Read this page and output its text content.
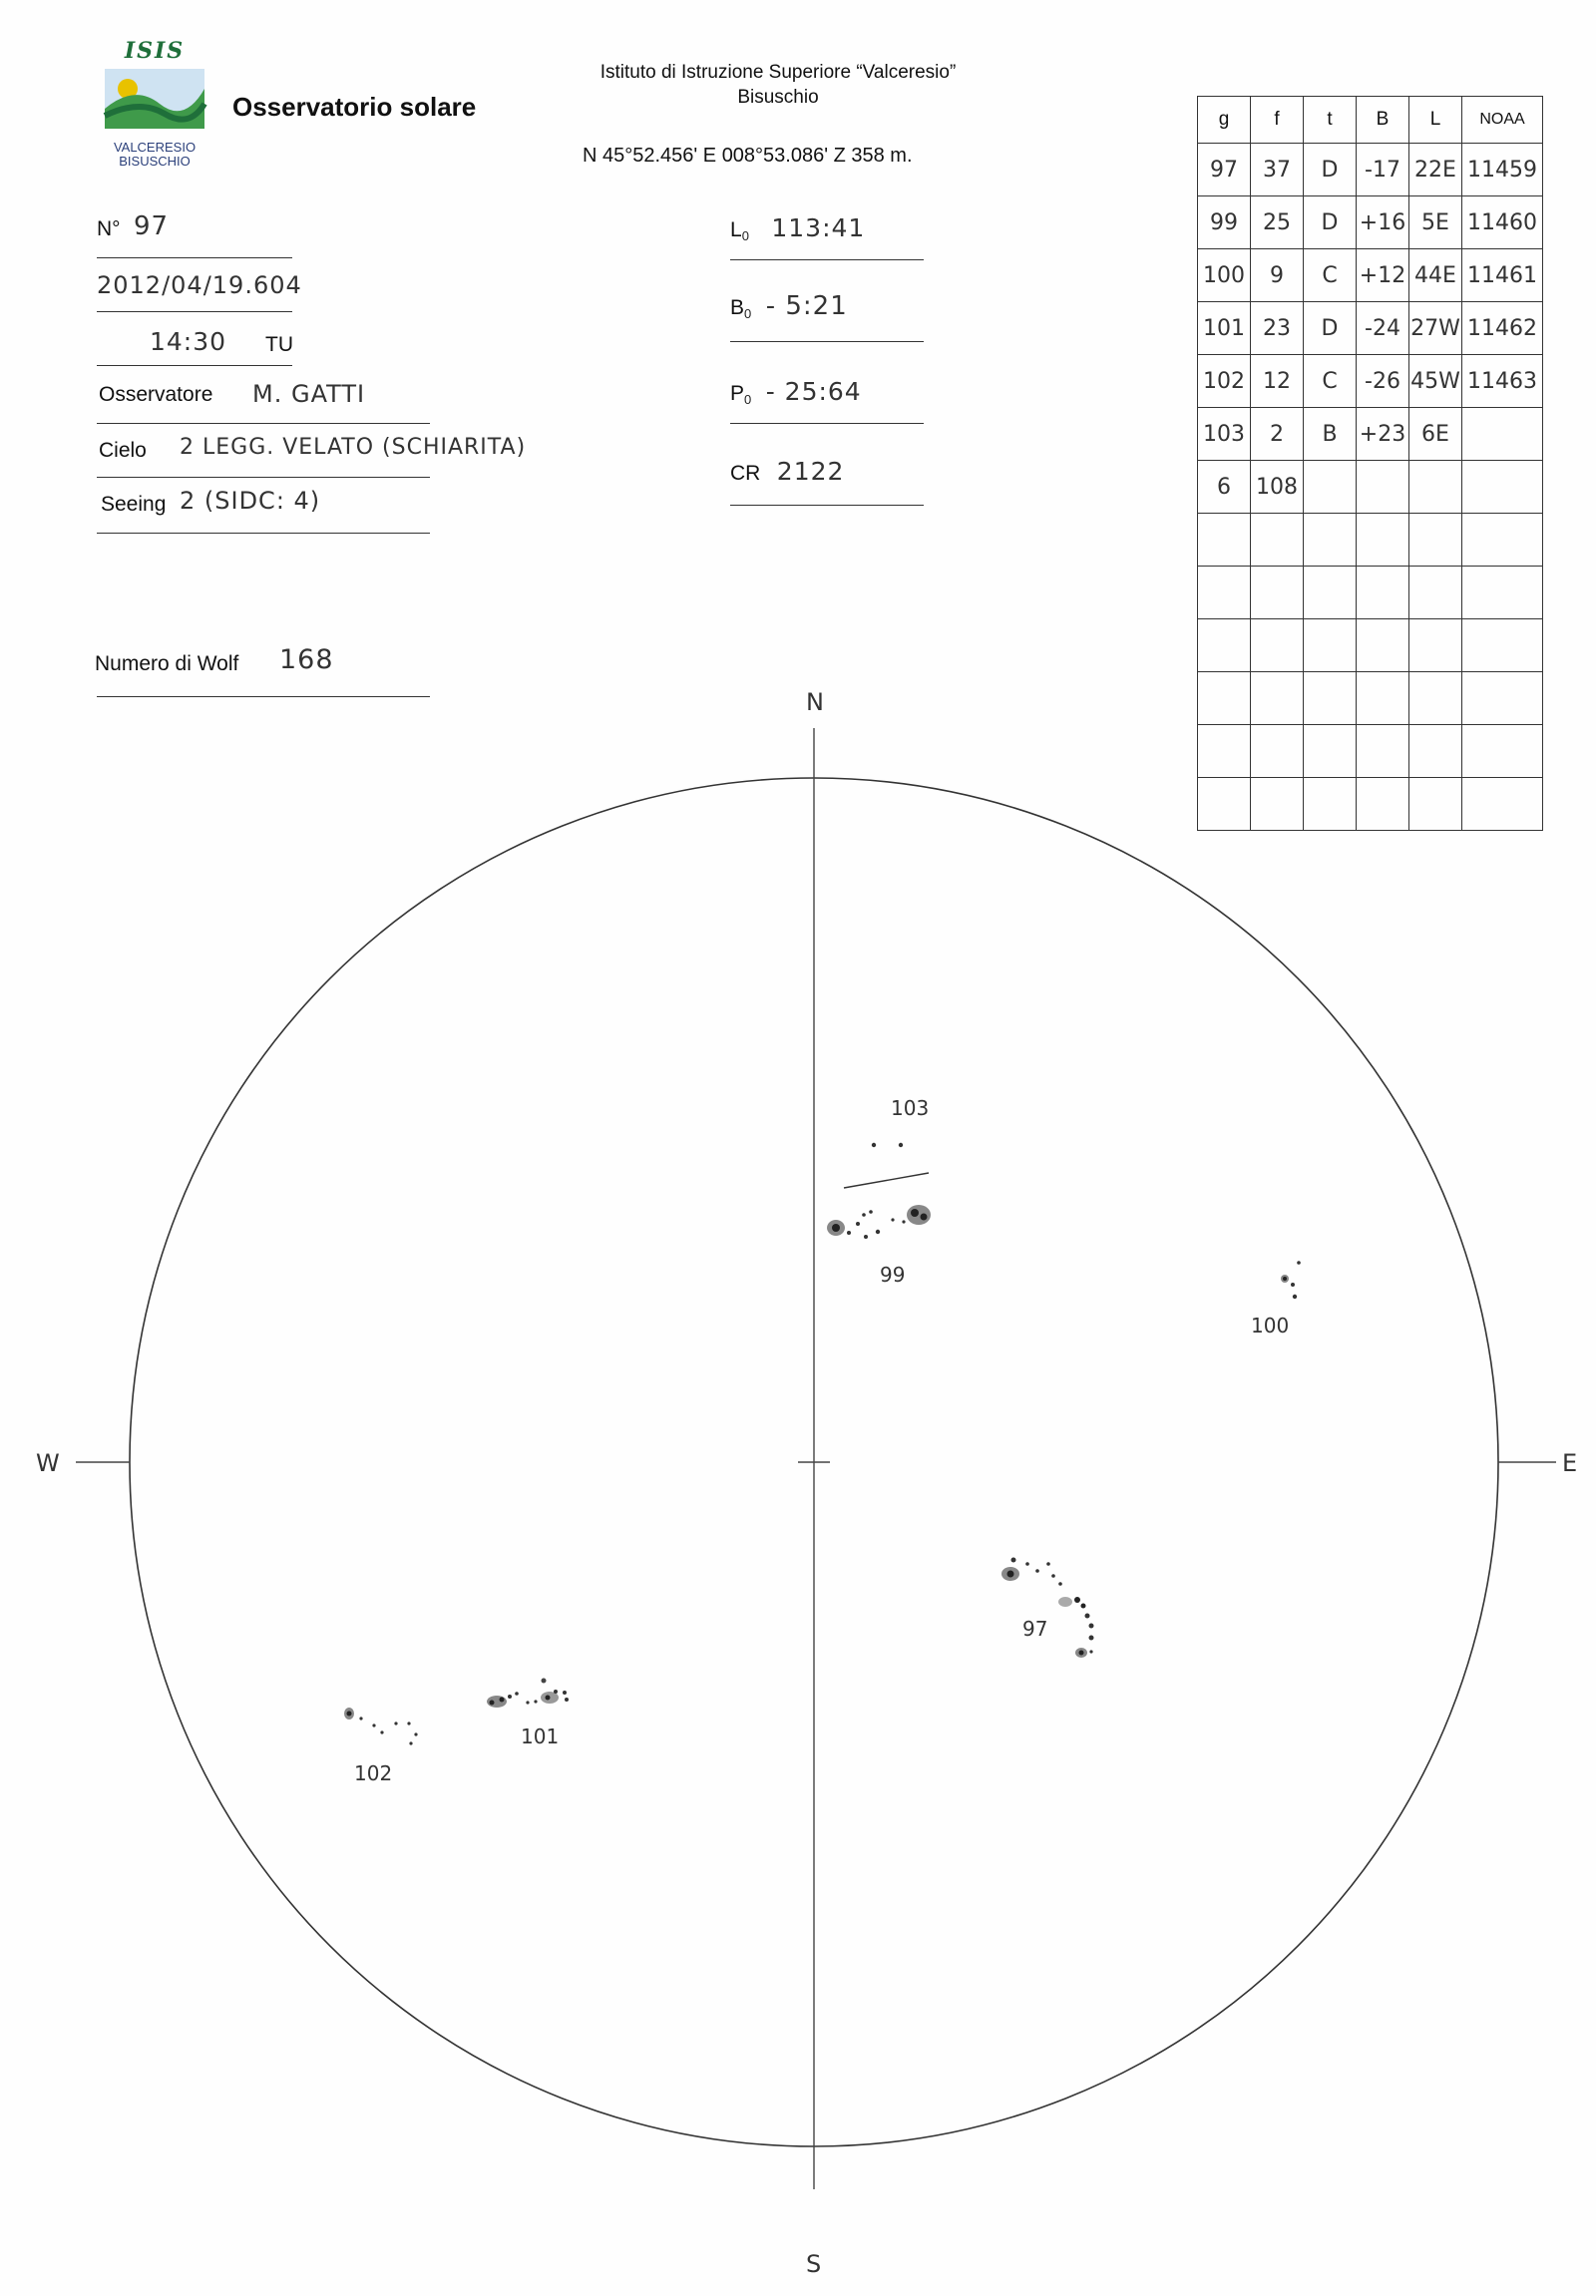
ISIS
VALCERESIO
BISUSCHIO
Osservatorio solare
Istituto di Istruzione Superiore “Valceresio”
Bisuschio
N 45°52.456' E 008°53.086' Z 358 m.
N° 97
2012/04/19.604
14:30 TU
Osservatore M. GATTI
Cielo 2 LEGG. VELATO (SCHIARITA)
Seeing 2 (SIDC: 4)
Numero di Wolf 168
$L_0$ 113:41
$B_0$ - 5:21
$P_0$ - 25:64
CR 2122
g	f	t	B	L	NOAA
97	37	D	-17	22E	11459
99	25	D	+16	5E	11460
100	9	C	+12	44E	11461
101	23	D	-24	27W	11462
102	12	C	-26	45W	11463
103	2	B	+23	6E	
6	108				

N
S
E
W
103
99
100
97
101
102
